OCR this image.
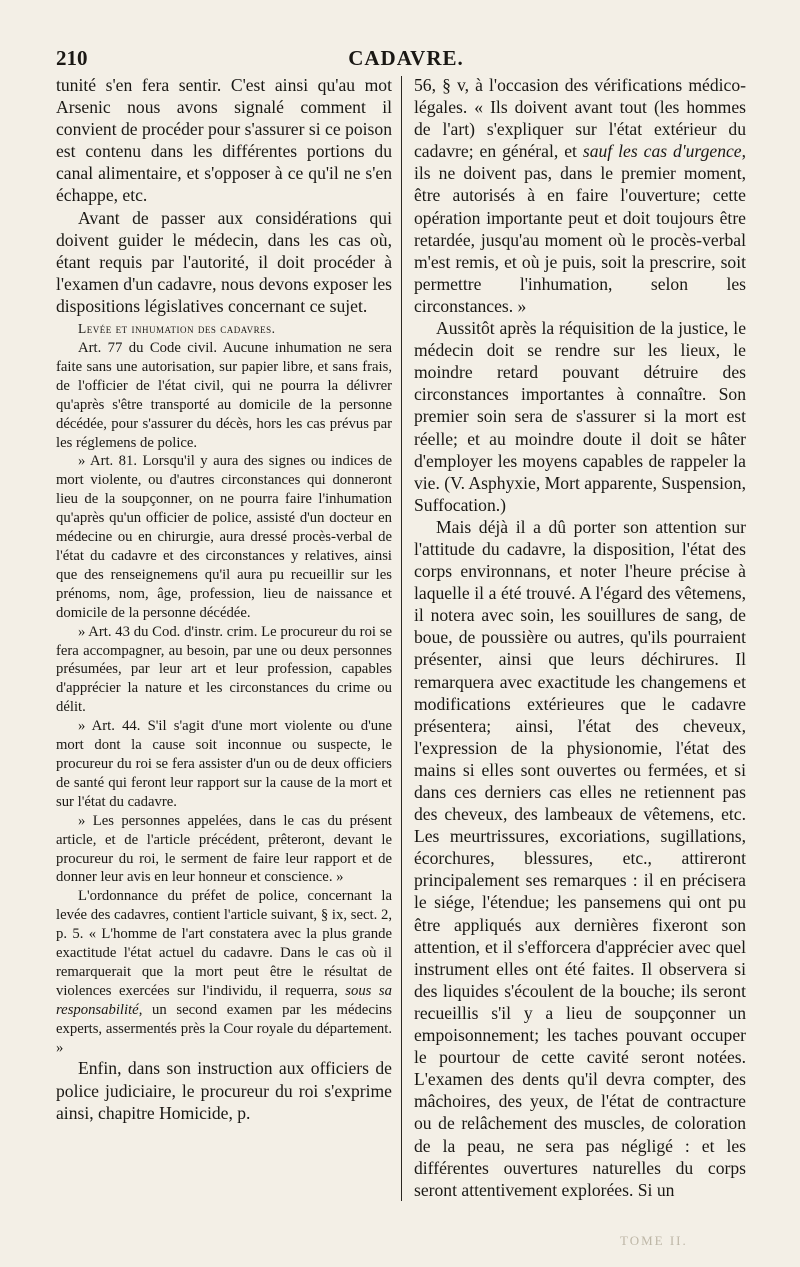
210	CADAVRE.

tunité s'en fera sentir. C'est ainsi qu'au mot Arsenic nous avons signalé comment il convient de procéder pour s'assurer si ce poison est contenu dans les différentes portions du canal alimentaire, et s'opposer à ce qu'il ne s'en échappe, etc.

Avant de passer aux considérations qui doivent guider le médecin, dans les cas où, étant requis par l'autorité, il doit procéder à l'examen d'un cadavre, nous devons exposer les dispositions législatives concernant ce sujet.

Levée et inhumation des cadavres.

Art. 77 du Code civil. Aucune inhumation ne sera faite sans une autorisation, sur papier libre, et sans frais, de l'officier de l'état civil, qui ne pourra la délivrer qu'après s'être transporté au domicile de la personne décédée, pour s'assurer du décès, hors les cas prévus par les réglemens de police.

» Art. 81. Lorsqu'il y aura des signes ou indices de mort violente, ou d'autres circonstances qui donneront lieu de la soupçonner, on ne pourra faire l'inhumation qu'après qu'un officier de police, assisté d'un docteur en médecine ou en chirurgie, aura dressé procès-verbal de l'état du cadavre et des circonstances y relatives, ainsi que des renseignemens qu'il aura pu recueillir sur les prénoms, nom, âge, profession, lieu de naissance et domicile de la personne décédée.

» Art. 43 du Cod. d'instr. crim. Le procureur du roi se fera accompagner, au besoin, par une ou deux personnes présumées, par leur art et leur profession, capables d'apprécier la nature et les circonstances du crime ou délit.

» Art. 44. S'il s'agit d'une mort violente ou d'une mort dont la cause soit inconnue ou suspecte, le procureur du roi se fera assister d'un ou de deux officiers de santé qui feront leur rapport sur la cause de la mort et sur l'état du cadavre.

» Les personnes appelées, dans le cas du présent article, et de l'article précédent, prêteront, devant le procureur du roi, le serment de faire leur rapport et de donner leur avis en leur honneur et conscience. »

L'ordonnance du préfet de police, concernant la levée des cadavres, contient l'article suivant, § ix, sect. 2, p. 5. « L'homme de l'art constatera avec la plus grande exactitude l'état actuel du cadavre. Dans le cas où il remarquerait que la mort peut être le résultat de violences exercées sur l'individu, il requerra, sous sa responsabilité, un second examen par les médecins experts, assermentés près la Cour royale du département. »

Enfin, dans son instruction aux officiers de police judiciaire, le procureur du roi s'exprime ainsi, chapitre Homicide, p.

56, § v, à l'occasion des vérifications médico-légales. « Ils doivent avant tout (les hommes de l'art) s'expliquer sur l'état extérieur du cadavre; en général, et sauf les cas d'urgence, ils ne doivent pas, dans le premier moment, être autorisés à en faire l'ouverture; cette opération importante peut et doit toujours être retardée, jusqu'au moment où le procès-verbal m'est remis, et où je puis, soit la prescrire, soit permettre l'inhumation, selon les circonstances. »

Aussitôt après la réquisition de la justice, le médecin doit se rendre sur les lieux, le moindre retard pouvant détruire des circonstances importantes à connaître. Son premier soin sera de s'assurer si la mort est réelle; et au moindre doute il doit se hâter d'employer les moyens capables de rappeler la vie. (V. Asphyxie, Mort apparente, Suspension, Suffocation.)

Mais déjà il a dû porter son attention sur l'attitude du cadavre, la disposition, l'état des corps environnans, et noter l'heure précise à laquelle il a été trouvé. A l'égard des vêtemens, il notera avec soin, les souillures de sang, de boue, de poussière ou autres, qu'ils pourraient présenter, ainsi que leurs déchirures. Il remarquera avec exactitude les changemens et modifications extérieures que le cadavre présentera; ainsi, l'état des cheveux, l'expression de la physionomie, l'état des mains si elles sont ouvertes ou fermées, et si dans ces derniers cas elles ne retiennent pas des cheveux, des lambeaux de vêtemens, etc. Les meurtrissures, excoriations, sugillations, écorchures, blessures, etc., attireront principalement ses remarques : il en précisera le siége, l'étendue; les pansemens qui ont pu être appliqués aux dernières fixeront son attention, et il s'efforcera d'apprécier avec quel instrument elles ont été faites. Il observera si des liquides s'écoulent de la bouche; ils seront recueillis s'il y a lieu de soupçonner un empoisonnement; les taches pouvant occuper le pourtour de cette cavité seront notées. L'examen des dents qu'il devra compter, des mâchoires, des yeux, de l'état de contracture ou de relâchement des muscles, de coloration de la peau, ne sera pas négligé : et les différentes ouvertures naturelles du corps seront attentivement explorées. Si un

TOME II.
